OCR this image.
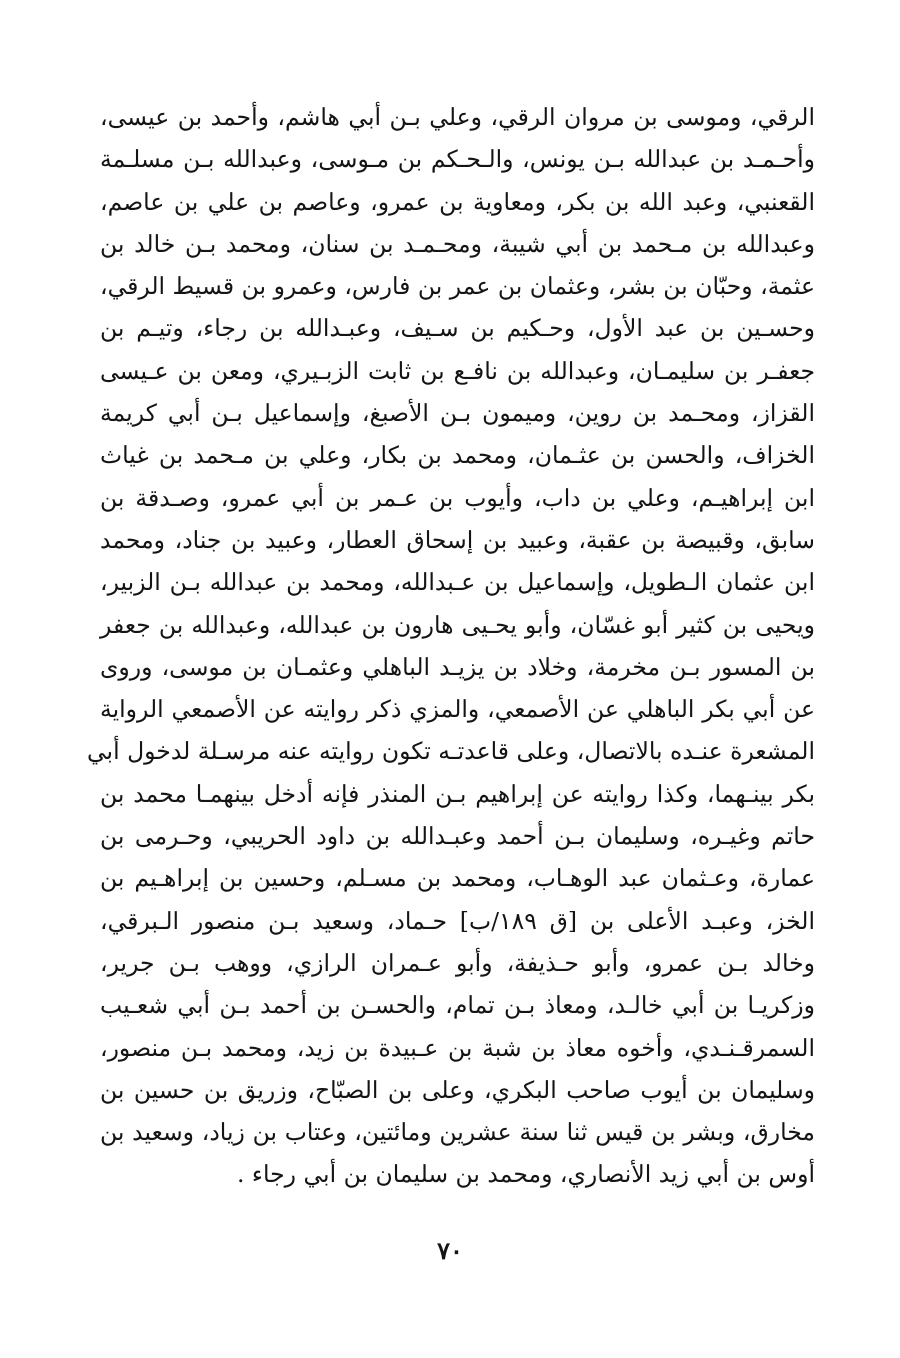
الرقي، وموسى بن مروان الرقي، وعلي بـن أبي هاشم، وأحمد بن عيسى،
وأحـمـد بن عبدالله بـن يونس، والـحـكم بن مـوسى، وعبدالله بـن مسلـمة
القعنبي، وعبد الله بن بكر، ومعاوية بن عمرو، وعاصم بن علي بن عاصم،
وعبدالله بن مـحمد بن أبي شيبة، ومحـمـد بن سنان، ومحمد بـن خالد بن
عثمة، وحبّان بن بشر، وعثمان بن عمر بن فارس، وعمرو بن قسيط الرقي،
وحسـين بن عبد الأول، وحـكيم بن سـيف، وعبـدالله بن رجاء، وتيـم بن
جعفـر بن سليمـان، وعبدالله بن نافـع بن ثابت الزبـيري، ومعن بن عـيسى
القزاز، ومحـمد بن روين، وميمون بـن الأصبغ، وإسماعيل بـن أبي كريمة
الخزاف، والحسن بن عثـمان، ومحمد بن بكار، وعلي بن مـحمد بن غياث
ابن إبراهيـم، وعلي بن داب، وأيوب بن عـمر بن أبي عمرو، وصـدقة بن
سابق، وقبيصة بن عقبة، وعبيد بن إسحاق العطار، وعبيد بن جناد، ومحمد
ابن عثمان الـطويل، وإسماعيل بن عـبدالله، ومحمد بن عبدالله بـن الزبير،
ويحيى بن كثير أبو غسّان، وأبو يحـيى هارون بن عبدالله، وعبدالله بن جعفر
بن المسور بـن مخرمة، وخلاد بن يزيـد الباهلي وعثمـان بن موسى، وروى
عن أبي بكر الباهلي عن الأصمعي، والمزي ذكر روايته عن الأصمعي الرواية
المشعرة عنـده بالاتصال، وعلى قاعدتـه تكون روايته عنه مرسـلة لدخول أبي
بكر بينـهما، وكذا روايته عن إبراهيم بـن المنذر فإنه أدخل بينهمـا محمد بن
حاتم وغيـره، وسليمان بـن أحمد وعبـدالله بن داود الحريبي، وحـرمى بن
عمارة، وعـثمان عبد الوهـاب، ومحمد بن مسـلم، وحسين بن إبراهـيم بن
الخز، وعبـد الأعلى بن [ق ١٨٩/ب] حـماد، وسعيد بـن منصور الـبرقي،
وخالد بـن عمرو، وأبو حـذيفة، وأبو عـمران الرازي، ووهب بـن جرير،
وزكريـا بن أبي خالـد، ومعاذ بـن تمام، والحسـن بن أحمد بـن أبي شعـيب
السمرقـنـدي، وأخوه معاذ بن شبة بن عـبيدة بن زيد، ومحمد بـن منصور،
وسليمان بن أيوب صاحب البكري، وعلى بن الصبّاح، وزريق بن حسين بن
مخارق، وبشر بن قيس ثنا سنة عشرين ومائتين، وعتاب بن زياد، وسعيد بن
أوس بن أبي زيد الأنصاري، ومحمد بن سليمان بن أبي رجاء .
٧٠
